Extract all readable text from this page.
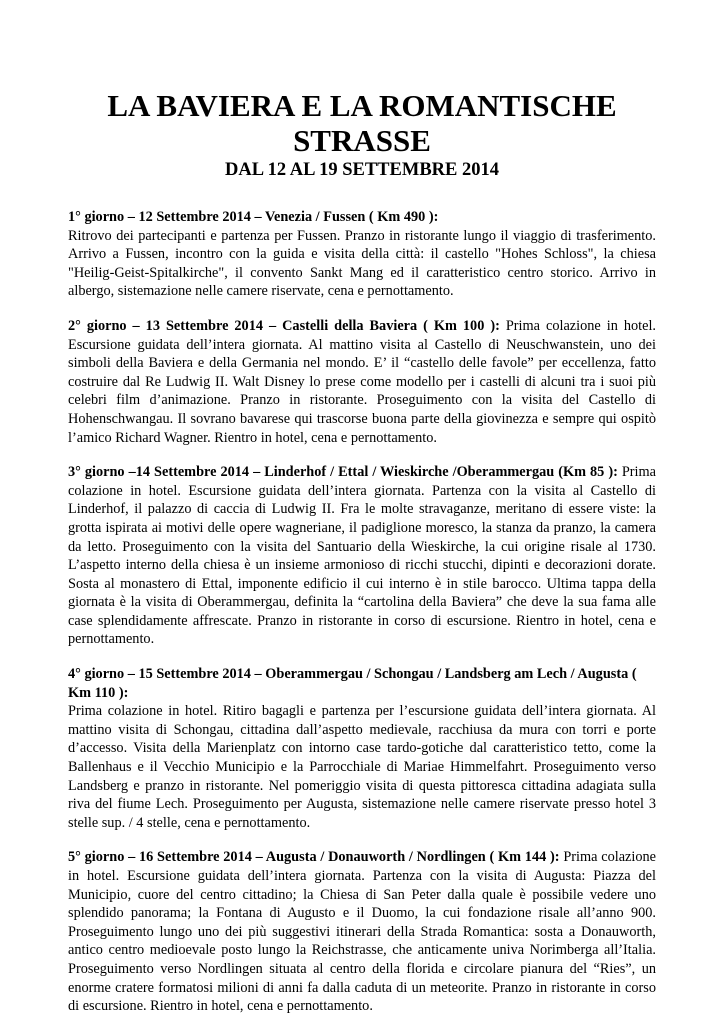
LA BAVIERA E LA ROMANTISCHE STRASSE
DAL 12 AL 19 SETTEMBRE 2014

1° giorno – 12 Settembre 2014 – Venezia / Fussen ( Km 490 ):
Ritrovo dei partecipanti e partenza per Fussen. Pranzo in ristorante lungo il viaggio di trasferimento. Arrivo a Fussen, incontro con la guida e visita della città: il castello "Hohes Schloss", la chiesa "Heilig-Geist-Spitalkirche", il convento Sankt Mang ed il caratteristico centro storico. Arrivo in albergo, sistemazione nelle camere riservate, cena e pernottamento.

2° giorno – 13 Settembre 2014 – Castelli della Baviera ( Km 100 ): Prima colazione in hotel. Escursione guidata dell’intera giornata. Al mattino visita al Castello di Neuschwanstein, uno dei simboli della Baviera e della Germania nel mondo. E’ il “castello delle favole” per eccellenza, fatto costruire dal Re Ludwig II. Walt Disney lo prese come modello per i castelli di alcuni tra i suoi più celebri film d’animazione. Pranzo in ristorante. Proseguimento con la visita del Castello di Hohenschwangau. Il sovrano bavarese qui trascorse buona parte della giovinezza e sempre qui ospitò l’amico Richard Wagner. Rientro in hotel, cena e pernottamento.

3° giorno –14 Settembre 2014 – Linderhof / Ettal / Wieskirche /Oberammergau (Km 85 ): Prima colazione in hotel. Escursione guidata dell’intera giornata. Partenza con la visita al Castello di Linderhof, il palazzo di caccia di Ludwig II. Fra le molte stravaganze, meritano di essere viste: la grotta ispirata ai motivi delle opere wagneriane, il padiglione moresco, la stanza da pranzo, la camera da letto. Proseguimento con la visita del Santuario della Wieskirche, la cui origine risale al 1730. L’aspetto interno della chiesa è un insieme armonioso di ricchi stucchi, dipinti e decorazioni dorate. Sosta al monastero di Ettal, imponente edificio il cui interno è in stile barocco. Ultima tappa della giornata è la visita di Oberammergau, definita la “cartolina della Baviera” che deve la sua fama alle case splendidamente affrescate. Pranzo in ristorante in corso di escursione. Rientro in hotel, cena e pernottamento.

4° giorno – 15 Settembre 2014 – Oberammergau / Schongau / Landsberg am Lech / Augusta ( Km 110 ):
Prima colazione in hotel. Ritiro bagagli e partenza per l’escursione guidata dell’intera giornata. Al mattino visita di Schongau, cittadina dall’aspetto medievale, racchiusa da mura con torri e porte d’accesso. Visita della Marienplatz con intorno case tardo-gotiche dal caratteristico tetto, come la Ballenhaus e il Vecchio Municipio e la Parrocchiale di Mariae Himmelfahrt. Proseguimento verso Landsberg e pranzo in ristorante. Nel pomeriggio visita di questa pittoresca cittadina adagiata sulla riva del fiume Lech. Proseguimento per Augusta, sistemazione nelle camere riservate presso hotel 3 stelle sup. / 4 stelle, cena e pernottamento.

5° giorno – 16 Settembre 2014 – Augusta / Donauworth / Nordlingen ( Km 144 ): Prima colazione in hotel. Escursione guidata dell’intera giornata. Partenza con la visita di Augusta: Piazza del Municipio, cuore del centro cittadino; la Chiesa di San Peter dalla quale è possibile vedere uno splendido panorama; la Fontana di Augusto e il Duomo, la cui fondazione risale all’anno 900. Proseguimento lungo uno dei più suggestivi itinerari della Strada Romantica: sosta a Donauworth, antico centro medioevale posto lungo la Reichstrasse, che anticamente univa Norimberga all’Italia. Proseguimento verso Nordlingen situata al centro della florida e circolare pianura del “Ries”, un enorme cratere formatosi milioni di anni fa dalla caduta di un meteorite. Pranzo in ristorante in corso di escursione. Rientro in hotel, cena e pernottamento.
